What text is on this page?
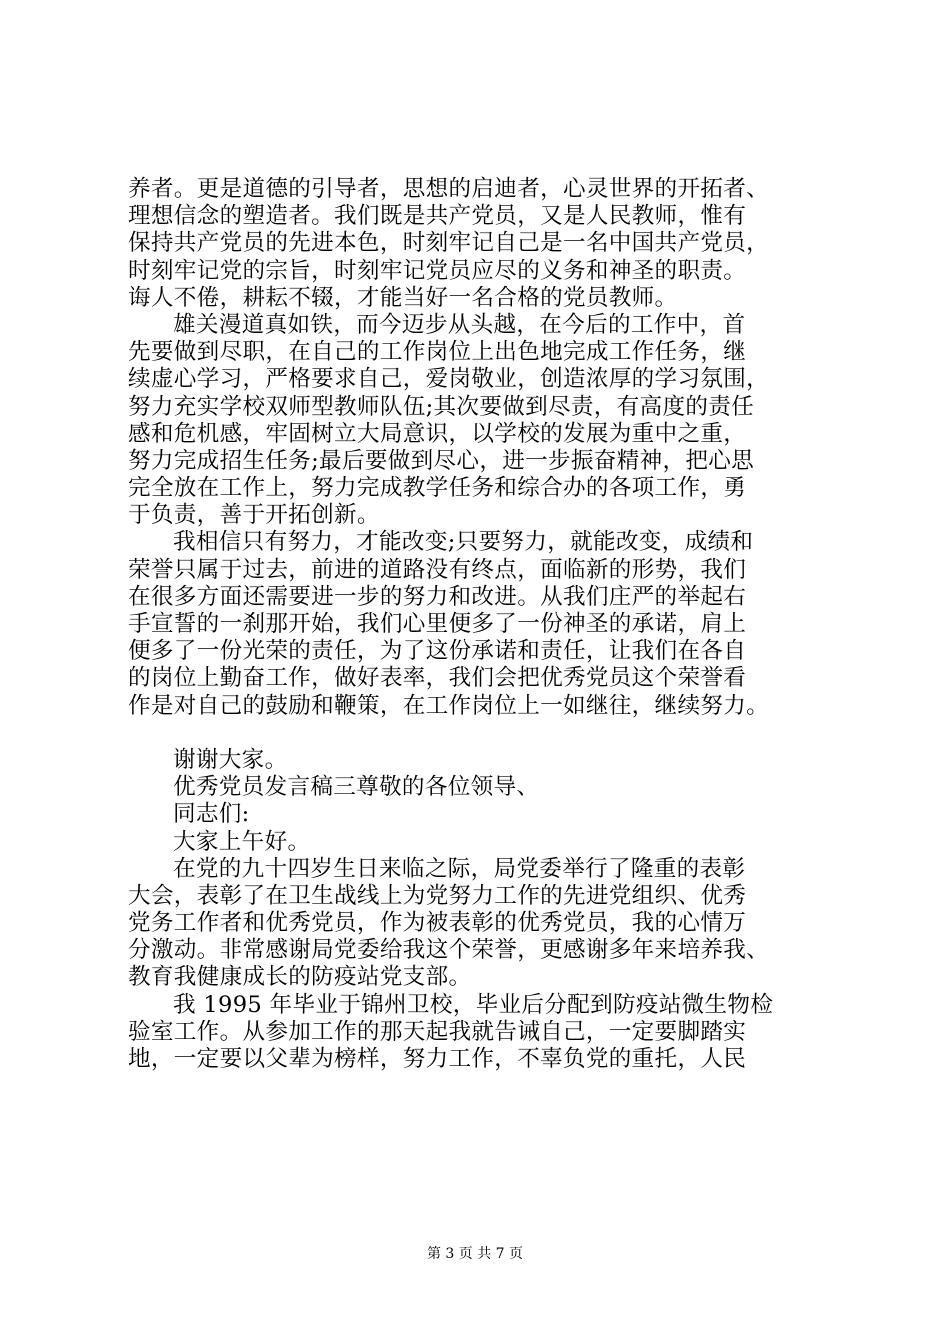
养者。更是道德的引导者，思想的启迪者，心灵世界的开拓者、
理想信念的塑造者。我们既是共产党员，又是人民教师，惟有
保持共产党员的先进本色，时刻牢记自己是一名中国共产党员，
时刻牢记党的宗旨，时刻牢记党员应尽的义务和神圣的职责。
诲人不倦，耕耘不辍，才能当好一名合格的党员教师。
雄关漫道真如铁，而今迈步从头越，在今后的工作中，首
先要做到尽职，在自己的工作岗位上出色地完成工作任务，继
续虚心学习，严格要求自己，爱岗敬业，创造浓厚的学习氛围，
努力充实学校双师型教师队伍;其次要做到尽责，有高度的责任
感和危机感，牢固树立大局意识，以学校的发展为重中之重，
努力完成招生任务;最后要做到尽心，进一步振奋精神，把心思
完全放在工作上，努力完成教学任务和综合办的各项工作，勇
于负责，善于开拓创新。
我相信只有努力，才能改变;只要努力，就能改变，成绩和
荣誉只属于过去，前进的道路没有终点，面临新的形势，我们
在很多方面还需要进一步的努力和改进。从我们庄严的举起右
手宣誓的一刹那开始，我们心里便多了一份神圣的承诺，肩上
便多了一份光荣的责任，为了这份承诺和责任，让我们在各自
的岗位上勤奋工作，做好表率，我们会把优秀党员这个荣誉看
作是对自己的鼓励和鞭策，在工作岗位上一如继往，继续努力。
谢谢大家。
优秀党员发言稿三尊敬的各位领导、
同志们:
大家上午好。
在党的九十四岁生日来临之际，局党委举行了隆重的表彰
大会，表彰了在卫生战线上为党努力工作的先进党组织、优秀
党务工作者和优秀党员，作为被表彰的优秀党员，我的心情万
分激动。非常感谢局党委给我这个荣誉，更感谢多年来培养我、
教育我健康成长的防疫站党支部。
我 1995 年毕业于锦州卫校，毕业后分配到防疫站微生物检
验室工作。从参加工作的那天起我就告诫自己，一定要脚踏实
地，一定要以父辈为榜样，努力工作，不辜负党的重托，人民
第 3 页 共 7 页
